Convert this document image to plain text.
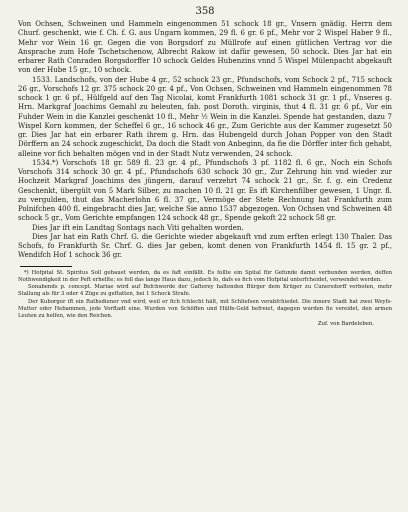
358

Von Ochsen, Schweinen und Hammeln eingenommen 51 schock 18 gr., Vnsern gnädig. Herrn dem Churf. geschenkt, wie f. Ch. f. G. aus Ungarn kommen, 29 fl. 6 gr. 6 pf., Mehr vor 2 Wispel Haber 9 fl., Mehr vor Wein 16 gr. Gegen die von Borgsdorf zu Müllrofe auf einen gütlichen Vertrag vor die Ansprache zum Hofe Tschetschenow, Albrecht Rakow ist dafür gewesen, 50 schock. Dies Jar hat ein erbarer Rath Conraden Borgsdorffer 10 schock Geldes Hubenzins vnnd 5 Wispel Mülenpacht abgekauft von der Hube 15 gr., 10 schock.

1533. Landschofs, von der Hube 4 gr., 52 schock 23 gr., Pfundschofs, vom Schock 2 pf., 715 schock 26 gr., Vorschofs 12 gr. 375 schock 20 gr. 4 pf., Von Ochsen, Schweinen vnd Hammeln eingenommen 78 schock 1 gr. 6 pf., Hülfgeld auf den Tag Nicolai, komt Frankfurth 1081 schock 31 gr. 1 pf., Vnseres g. Hrn. Markgraf Joachims Gemahl zu beleuten, fab. post Doroth. virginis, thut 4 fl. 31 gr. 6 pf., Vor ein Fuhder Wein in die Kanzlei geschenkt 10 fl., Mehr ½ Wein in die Kanzlei. Spende hat gestanden, dazu 7 Wispel Korn kommen, der Scheffel 6 gr., 16 schock 46 gr., Zum Gerichte aus der Kammer zugesetzt 50 gr. Dies Jar hat ein erbarer Rath ihrem g. Hrn. das Hubengeld durch Johan Popper von den Stadt Dörffern an 24 schock zugeschickt, Da doch die Stadt von Anbeginn, da fie die Dörffer inter fich gehabt, alleine vor fich behalten mögen vnd in der Stadt Nutz verwenden, 24 schock.

1534.*) Vorschofs 18 gr. 589 fl. 23 gr. 4 pf., Pfundschofs 3 pf. 1182 fl. 6 gr., Noch ein Schofs Vorschofs 314 schock 30 gr. 4 pf., Pfundschofs 630 schock 30 gr., Zur Zehrung hin vnd wieder zur Hochzeit Markgraf Joachims des jüngern, darauf verzehrt 74 schock 21 gr., Sr. f. g. ein Credenz Geschenkt, übergült von 5 Mark Silber, zu machen 10 fl. 21 gr. Es ift Kirchenfilber gewesen, 1 Ungr. fl. zu vergulden, thut das Macherlohn 6 fl. 37 gr., Vermöge der Stete Rechnung hat Frankfurth zum Polnifchen 400 fl. eingebracht dies Jar, welche Sie anno 1537 abgezogen. Von Ochsen vnd Schweinen 48 schock 5 gr., Vom Gerichte empfangen 124 schock 48 gr., Spende gekoft 22 schock 58 gr.

Dies Jar ift ein Landtag Sontags nach Viti gehalten worden.

Dies Jar hat ein Rath Chrf. G. die Gerichte wieder abgekauft vnd zum erften erlegt 130 Thaler. Das Schofs, fo Frankfurth Sr. Chrf. G. dies Jar geben, komt denen von Frankfurth 1454 fl. 15 gr. 2 pf., Wendifch Hof 1 schock 36 gr.

*) Hofpital St. Spiritus Soll gebauet werden, da es faft einfällt. Es follte ein Spital für Gefunde damit verbunden werden, deffen Nothwendigkeit in der Peft erhellte; es foll das lange Haus dazu, jedoch fo, dafs es fich vom Hofpital unterfcheidet, verwendet werden.

Sonabends p. concept. Mariae wird auf Befchwerde der Gafterey haltenden Bürger dem Krüger zu Cunersdorff verboten, mehr Stallung als für 3 oder 4 Züge zu geftatten, bei 1 Schock Strafe.

Der Kuborger ift ein Rathsdiener vnd wird, weil er fich fchlecht hält, mit Schliefsen verabfchiedet. Die innere Stadt hat zwei Weyfs-Mutter oder Hebammen, jede Vorftadt eine. Wurden von Schöffen und Hülfe-Geld befreiet, dagegen wurden fie vereidet, den armen Leuten zu helfen, wie den Reichen.

Zuf. von Bardeleben.
